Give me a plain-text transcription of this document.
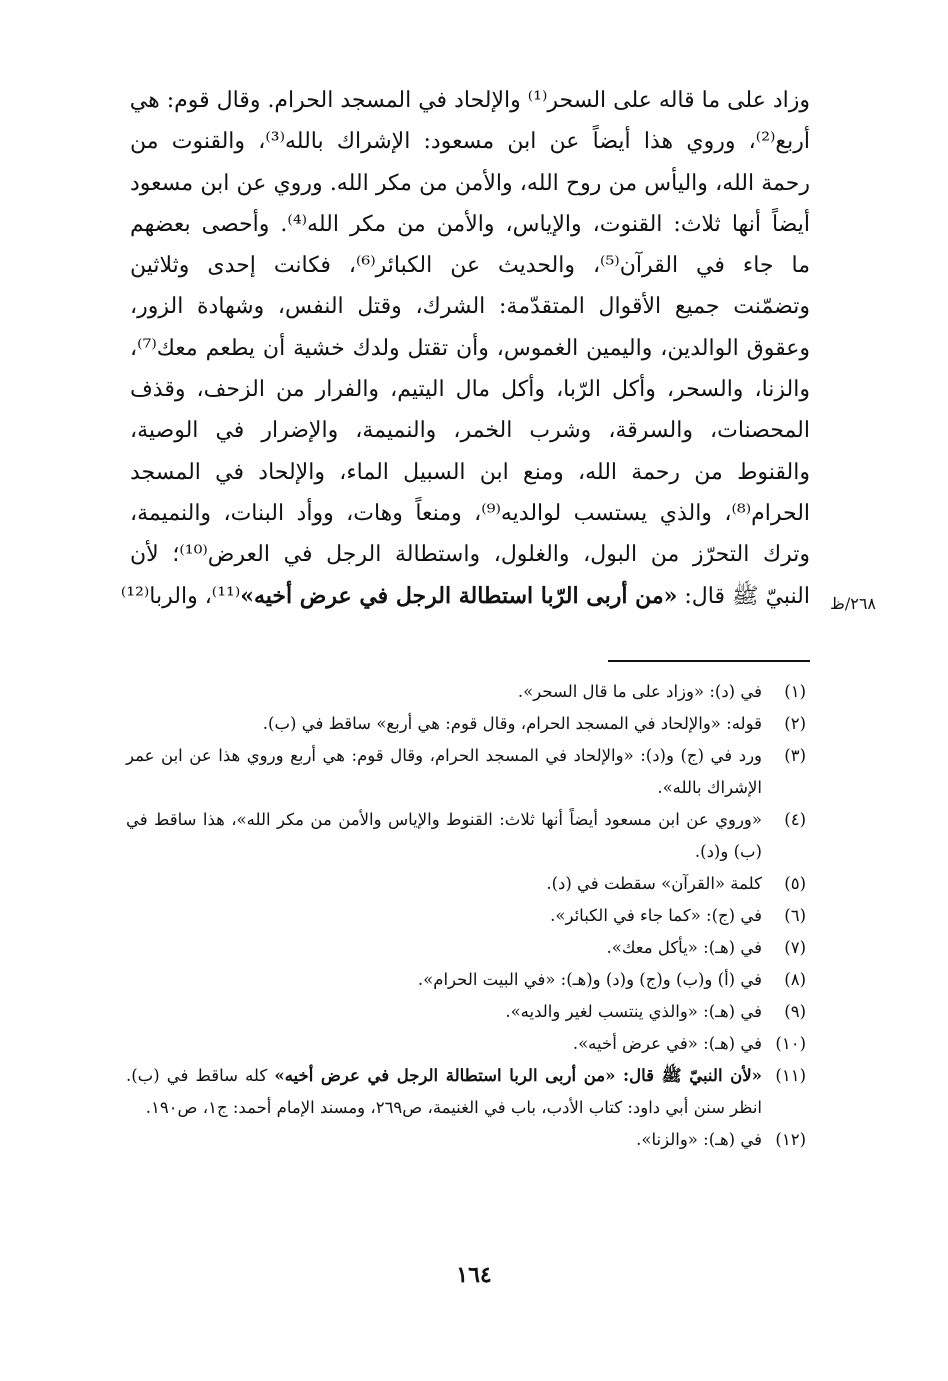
وزاد على ما قاله على السحر⁽¹⁾ والإلحاد في المسجد الحرام. وقال قوم: هي
أربع⁽²⁾، وروي هذا أيضاً عن ابن مسعود: الإشراك بالله⁽³⁾، والقنوت من
رحمة الله، واليأس من روح الله، والأمن من مكر الله. وروي عن ابن مسعود
أيضاً أنها ثلاث: القنوت، والإياس، والأمن من مكر الله⁽⁴⁾. وأحصى بعضهم
ما جاء في القرآن⁽⁵⁾، والحديث عن الكبائر⁽⁶⁾، فكانت إحدى وثلاثين
وتضمّنت جميع الأقوال المتقدّمة: الشرك، وقتل النفس، وشهادة الزور،
وعقوق الوالدين، واليمين الغموس، وأن تقتل ولدك خشية أن يطعم معك⁽⁷⁾،
والزنا، والسحر، وأكل الرّبا، وأكل مال اليتيم، والفرار من الزحف، وقذف
المحصنات، والسرقة، وشرب الخمر، والنميمة، والإضرار في الوصية،
والقنوط من رحمة الله، ومنع ابن السبيل الماء، والإلحاد في المسجد
الحرام⁽⁸⁾، والذي يستسب لوالديه⁽⁹⁾، ومنعاً وهات، ووأد البنات، والنميمة،
وترك التحرّز من البول، والغلول، واستطالة الرجل في العرض⁽¹⁰⁾؛ لأن
النبيّ ﷺ قال: «من أربى الرّبا استطالة الرجل في عرض أخيه»⁽¹¹⁾، والربا⁽¹²⁾	٢٦٨/ظ
(١)
في (د): «وزاد على ما قال السحر».
(٢)
قوله: «والإلحاد في المسجد الحرام، وقال قوم: هي أربع» ساقط في (ب).
(٣)
ورد في (ج) و(د): «والإلحاد في المسجد الحرام، وقال قوم: هي أربع وروي هذا عن ابن عمر الإشراك بالله».
(٤)
«وروي عن ابن مسعود أيضاً أنها ثلاث: القنوط والإياس والأمن من مكر الله»، هذا ساقط في (ب) و(د).
(٥)
كلمة «القرآن» سقطت في (د).
(٦)
في (ج): «كما جاء في الكبائر».
(٧)
في (هـ): «يأكل معك».
(٨)
في (أ) و(ب) و(ج) و(د) و(هـ): «في البيت الحرام».
(٩)
في (هـ): «والذي ينتسب لغير والديه».
(١٠)
في (هـ): «في عرض أخيه».
(١١)
«لأن النبيّ ﷺ قال: «من أربى الربا استطالة الرجل في عرض أخيه» كله ساقط في (ب). انظر سنن أبي داود: كتاب الأدب، باب في الغنيمة، ص٢٦٩، ومسند الإمام أحمد: ج١، ص١٩٠.
(١٢)
في (هـ): «والزنا».
١٦٤
